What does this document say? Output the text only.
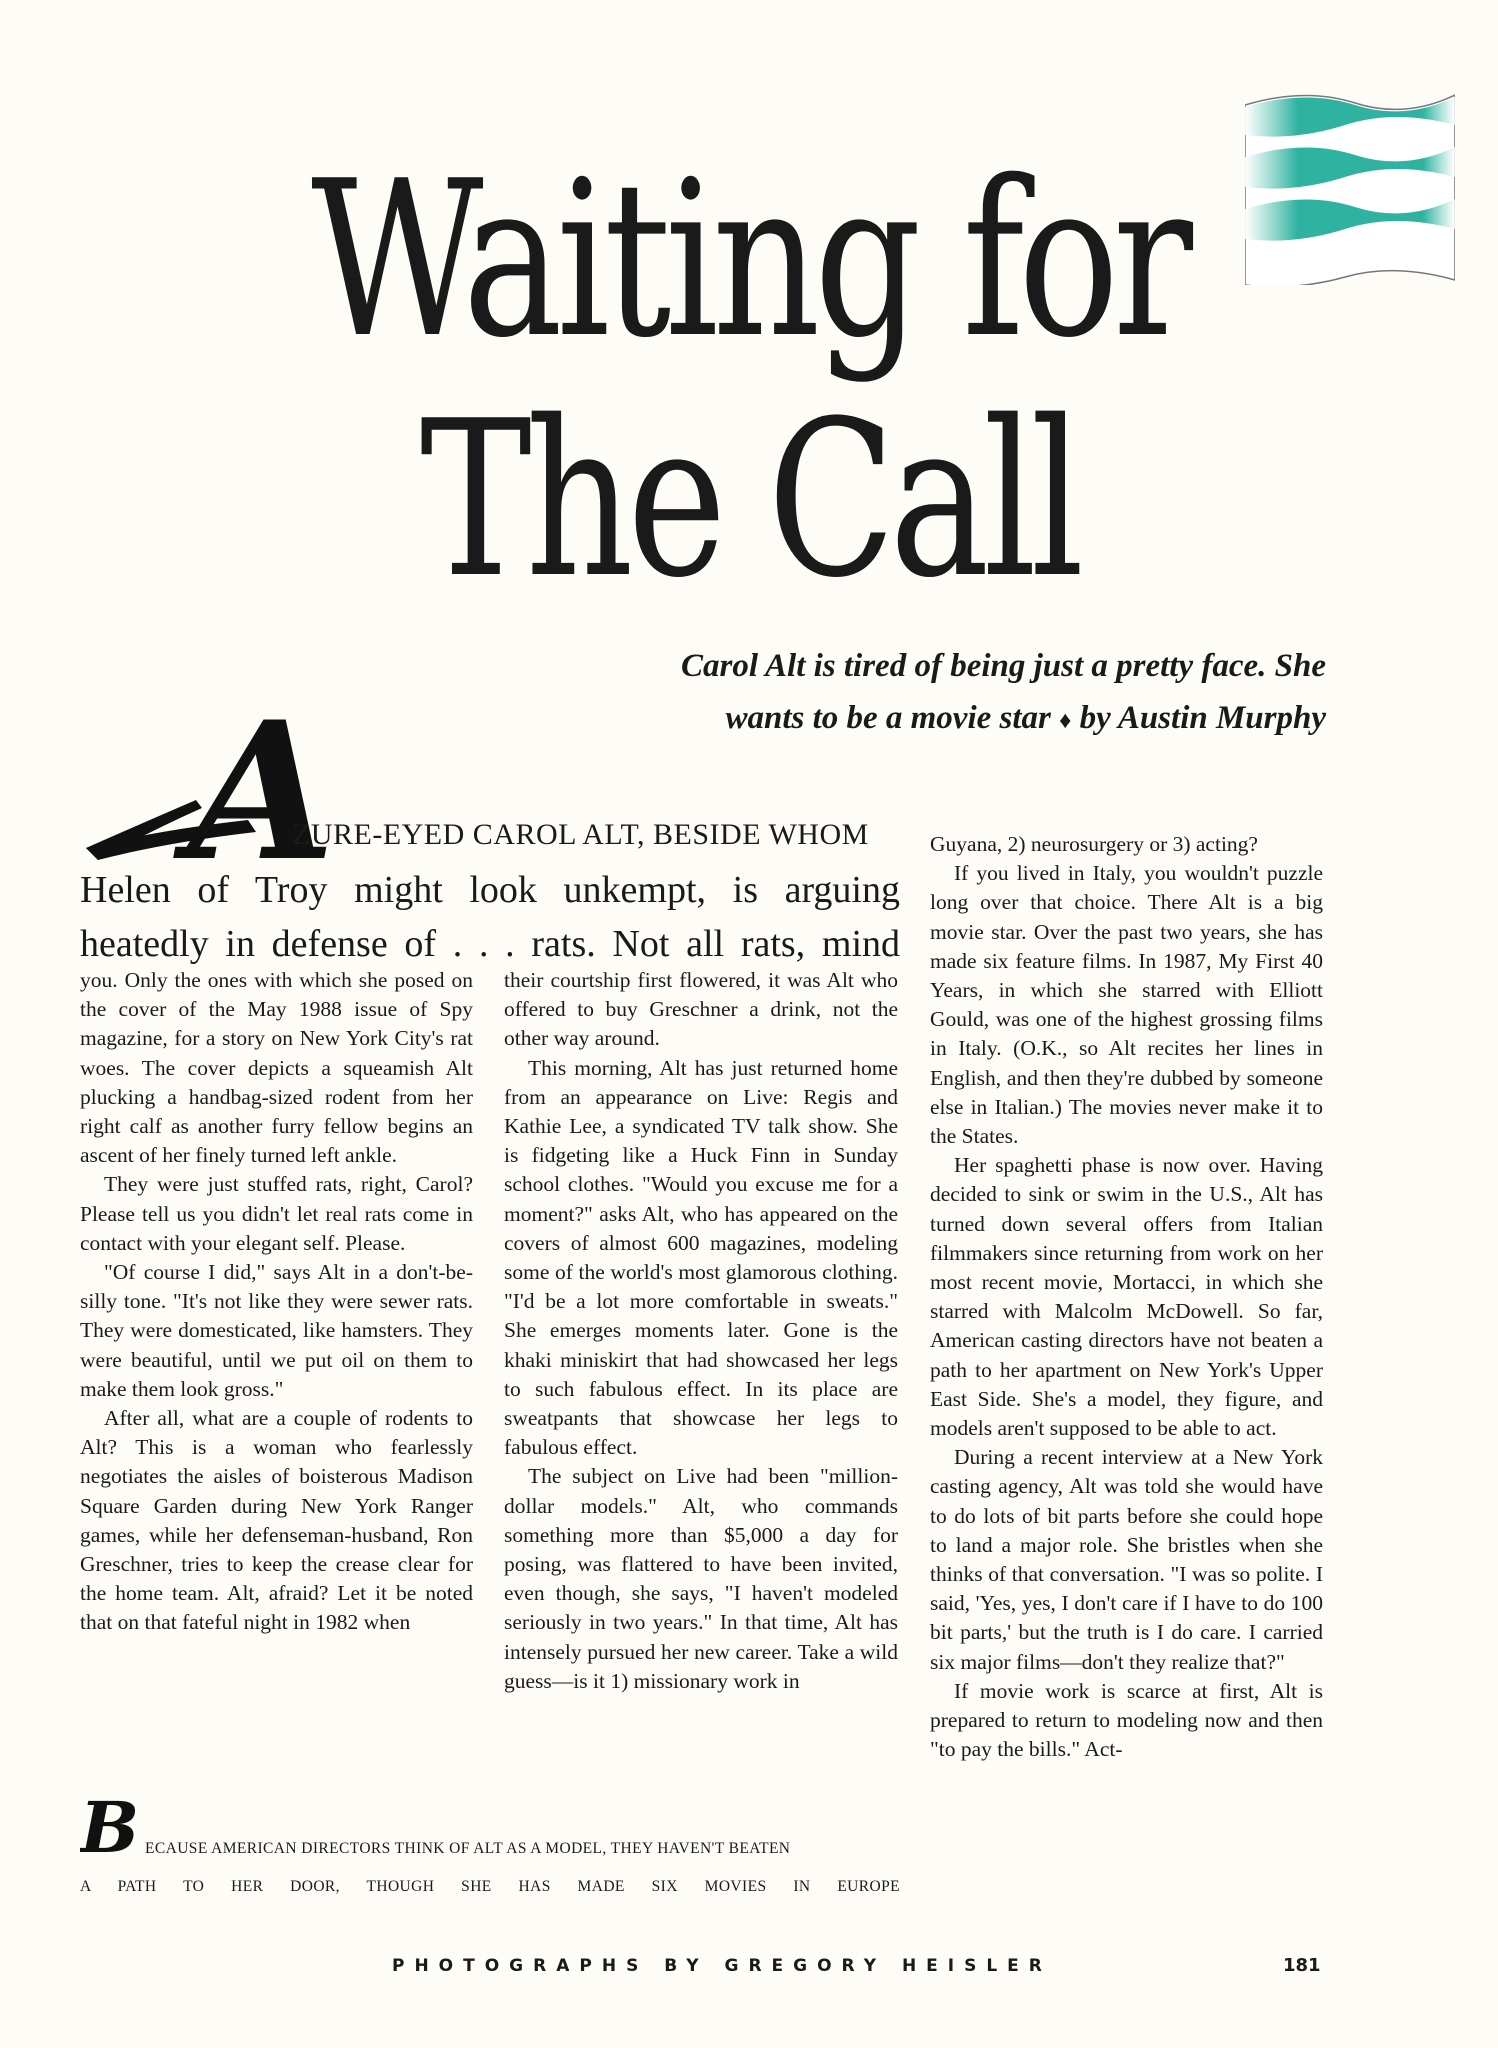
Waiting for
The Call
Carol Alt is tired of being just a pretty face. She
wants to be a movie star ♦ by Austin Murphy
A
ZURE-EYED CAROL ALT, BESIDE WHOM
Helen of Troy might look unkempt, is arguing
heatedly in defense of . . . rats. Not all rats, mind

you. Only the ones with which she posed on the cover of the May 1988 issue of Spy magazine, for a story on New York City's rat woes. The cover depicts a squeamish Alt plucking a handbag-sized rodent from her right calf as another furry fellow begins an ascent of her finely turned left ankle.

They were just stuffed rats, right, Carol? Please tell us you didn't let real rats come in contact with your elegant self. Please.

"Of course I did," says Alt in a don't-be-silly tone. "It's not like they were sewer rats. They were domesticated, like hamsters. They were beautiful, until we put oil on them to make them look gross."

After all, what are a couple of rodents to Alt? This is a woman who fearlessly negotiates the aisles of boisterous Madison Square Garden during New York Ranger games, while her defenseman-husband, Ron Greschner, tries to keep the crease clear for the home team. Alt, afraid? Let it be noted that on that fateful night in 1982 when

their courtship first flowered, it was Alt who offered to buy Greschner a drink, not the other way around.

This morning, Alt has just returned home from an appearance on Live: Regis and Kathie Lee, a syndicated TV talk show. She is fidgeting like a Huck Finn in Sunday school clothes. "Would you excuse me for a moment?" asks Alt, who has appeared on the covers of almost 600 magazines, modeling some of the world's most glamorous clothing. "I'd be a lot more comfortable in sweats." She emerges moments later. Gone is the khaki miniskirt that had showcased her legs to such fabulous effect. In its place are sweatpants that showcase her legs to fabulous effect.

The subject on Live had been "million-dollar models." Alt, who commands something more than $5,000 a day for posing, was flattered to have been invited, even though, she says, "I haven't modeled seriously in two years." In that time, Alt has intensely pursued her new career. Take a wild guess—is it 1) missionary work in

Guyana, 2) neurosurgery or 3) acting?

If you lived in Italy, you wouldn't puzzle long over that choice. There Alt is a big movie star. Over the past two years, she has made six feature films. In 1987, My First 40 Years, in which she starred with Elliott Gould, was one of the highest grossing films in Italy. (O.K., so Alt recites her lines in English, and then they're dubbed by someone else in Italian.) The movies never make it to the States.

Her spaghetti phase is now over. Having decided to sink or swim in the U.S., Alt has turned down several offers from Italian filmmakers since returning from work on her most recent movie, Mortacci, in which she starred with Malcolm McDowell. So far, American casting directors have not beaten a path to her apartment on New York's Upper East Side. She's a model, they figure, and models aren't supposed to be able to act.

During a recent interview at a New York casting agency, Alt was told she would have to do lots of bit parts before she could hope to land a major role. She bristles when she thinks of that conversation. "I was so polite. I said, 'Yes, yes, I don't care if I have to do 100 bit parts,' but the truth is I do care. I carried six major films—don't they realize that?"

If movie work is scarce at first, Alt is prepared to return to modeling now and then "to pay the bills." Act-

B ECAUSE AMERICAN DIRECTORS THINK OF ALT AS A MODEL, THEY HAVEN'T BEATEN
A PATH TO HER DOOR, THOUGH SHE HAS MADE SIX MOVIES IN EUROPE
PHOTOGRAPHS BY GREGORY HEISLER	181
